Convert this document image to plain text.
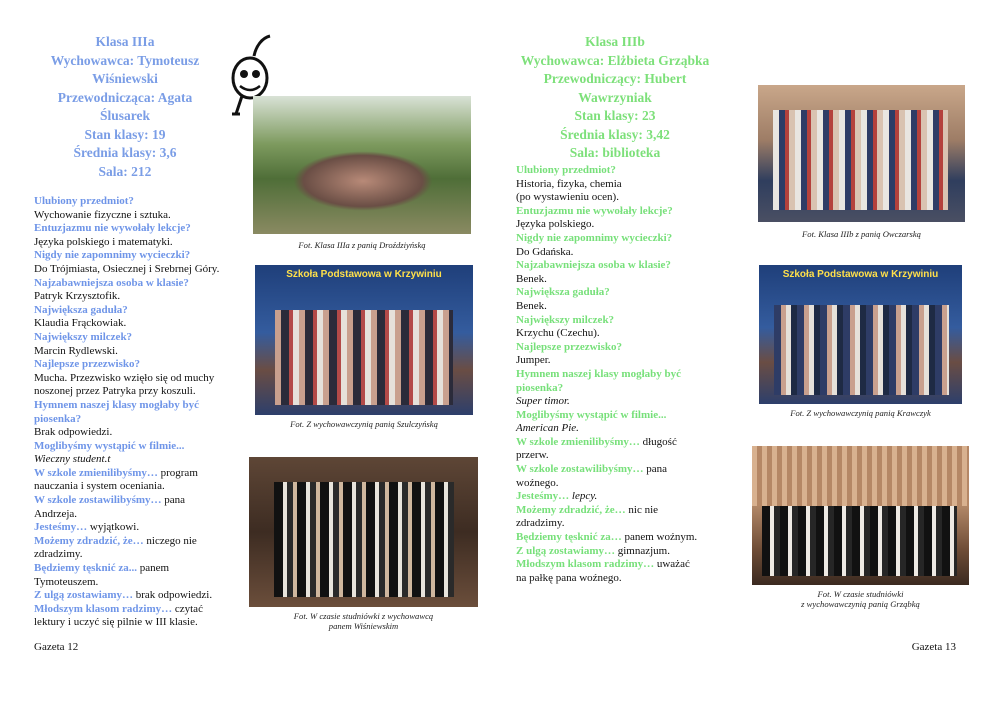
Klasa IIIa
Wychowawca: Tymoteusz
Wiśniewski
Przewodnicząca: Agata
Ślusarek
Stan klasy: 19
Średnia klasy: 3,6
Sala: 212
Ulubiony przedmiot?
Wychowanie fizyczne i sztuka.
Entuzjazmu nie wywołały lekcje?
Języka polskiego i matematyki.
Nigdy nie zapomnimy wycieczki?
Do Trójmiasta, Osiecznej i Srebrnej Góry.
Najzabawniejsza osoba w klasie?
Patryk Krzysztofik.
Największa gaduła?
Klaudia Frąckowiak.
Największy milczek?
Marcin Rydlewski.
Najlepsze przezwisko?
Mucha. Przezwisko wzięło się od muchy
noszonej przez Patryka przy koszuli.
Hymnem naszej klasy mogłaby być
piosenka?
Brak odpowiedzi.
Moglibyśmy wystąpić w filmie...
Wieczny student.t
W szkole zmienilibyśmy… program
nauczania i system oceniania.
W szkole zostawilibyśmy… pana
Andrzeja.
Jesteśmy… wyjątkowi.
Możemy zdradzić, że… niczego nie
zdradzimy.
Będziemy tęsknić za... panem
Tymoteuszem.
Z ulgą zostawiamy… brak odpowiedzi.
Młodszym klasom radzimy… czytać
lektury i uczyć się pilnie w III klasie.
Fot. Klasa IIIa z panią Droździyńską
Szkoła Podstawowa w Krzywiniu
Fot. Z wychowawczynią panią Szulczyńską
Fot. W czasie studniówki z wychowawcą
panem Wiśniewskim
Klasa IIIb
Wychowawca: Elżbieta Grząbka
Przewodniczący: Hubert
Wawrzyniak
Stan klasy: 23
Średnia klasy: 3,42
Sala: biblioteka
Ulubiony przedmiot?
Historia, fizyka, chemia
(po wystawieniu ocen).
Entuzjazmu nie wywołały lekcje?
Języka polskiego.
Nigdy nie zapomnimy wycieczki?
Do Gdańska.
Najzabawniejsza osoba w klasie?
Benek.
Największa gaduła?
Benek.
Największy milczek?
Krzychu (Czechu).
Najlepsze przezwisko?
Jumper.
Hymnem naszej klasy mogłaby być
piosenka?
Super timor.
Moglibyśmy wystąpić w filmie...
American Pie.
W szkole zmienilibyśmy… długość
przerw.
W szkole zostawilibyśmy… pana
woźnego.
Jesteśmy… lepcy.
Możemy zdradzić, że… nic nie
zdradzimy.
Będziemy tęsknić za… panem woźnym.
Z ulgą zostawiamy… gimnazjum.
Młodszym klasom radzimy… uważać
na pałkę pana woźnego.
Fot. Klasa IIIb z panią Owczarską
Szkoła Podstawowa w Krzywiniu
Fot. Z wychowawczynią panią Krawczyk
Fot. W czasie studniówki
z wychowawczynią panią Grząbką
Gazeta 12	Gazeta 13
